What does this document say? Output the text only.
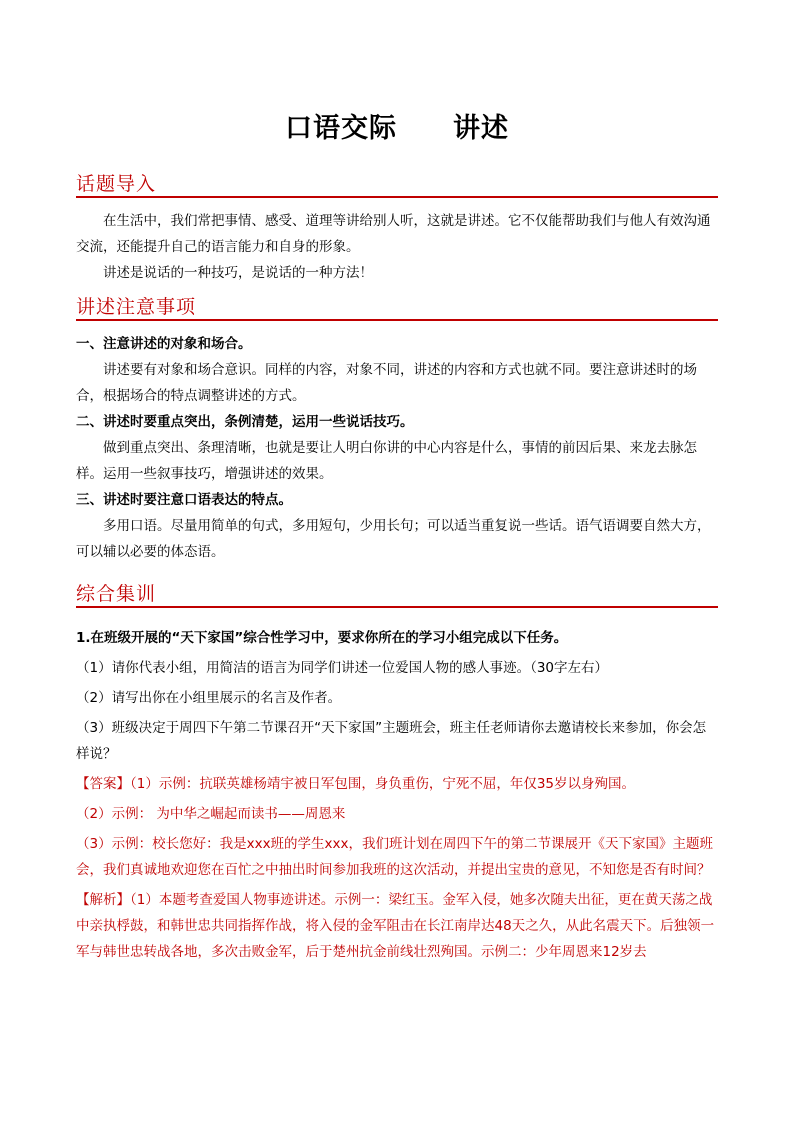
口语交际　　讲述
话题导入

在生活中，我们常把事情、感受、道理等讲给别人听，这就是讲述。它不仅能帮助我们与他人有效沟通交流，还能提升自己的语言能力和自身的形象。

讲述是说话的一种技巧，是说话的一种方法！

讲述注意事项

一、注意讲述的对象和场合。

讲述要有对象和场合意识。同样的内容，对象不同，讲述的内容和方式也就不同。要注意讲述时的场合，根据场合的特点调整讲述的方式。

二、讲述时要重点突出，条例清楚，运用一些说话技巧。

做到重点突出、条理清晰，也就是要让人明白你讲的中心内容是什么，事情的前因后果、来龙去脉怎样。运用一些叙事技巧，增强讲述的效果。

三、讲述时要注意口语表达的特点。

多用口语。尽量用简单的句式，多用短句，少用长句；可以适当重复说一些话。语气语调要自然大方，可以辅以必要的体态语。

综合集训

1.在班级开展的“天下家国”综合性学习中，要求你所在的学习小组完成以下任务。

（1）请你代表小组，用简洁的语言为同学们讲述一位爱国人物的感人事迹。（30字左右）

（2）请写出你在小组里展示的名言及作者。

（3）班级决定于周四下午第二节课召开“天下家国”主题班会，班主任老师请你去邀请校长来参加，你会怎样说？

【答案】（1）示例：抗联英雄杨靖宇被日军包围，身负重伤，宁死不屈，年仅35岁以身殉国。

（2）示例： 为中华之崛起而读书——周恩来

（3）示例：校长您好：我是xxx班的学生xxx，我们班计划在周四下午的第二节课展开《天下家国》主题班会，我们真诚地欢迎您在百忙之中抽出时间参加我班的这次活动，并提出宝贵的意见，不知您是否有时间？

【解析】（1）本题考查爱国人物事迹讲述。示例一：梁红玉。金军入侵，她多次随夫出征，更在黄天荡之战中亲执桴鼓，和韩世忠共同指挥作战，将入侵的金军阻击在长江南岸达48天之久，从此名震天下。后独领一军与韩世忠转战各地，多次击败金军，后于楚州抗金前线壮烈殉国。示例二：少年周恩来12岁去
